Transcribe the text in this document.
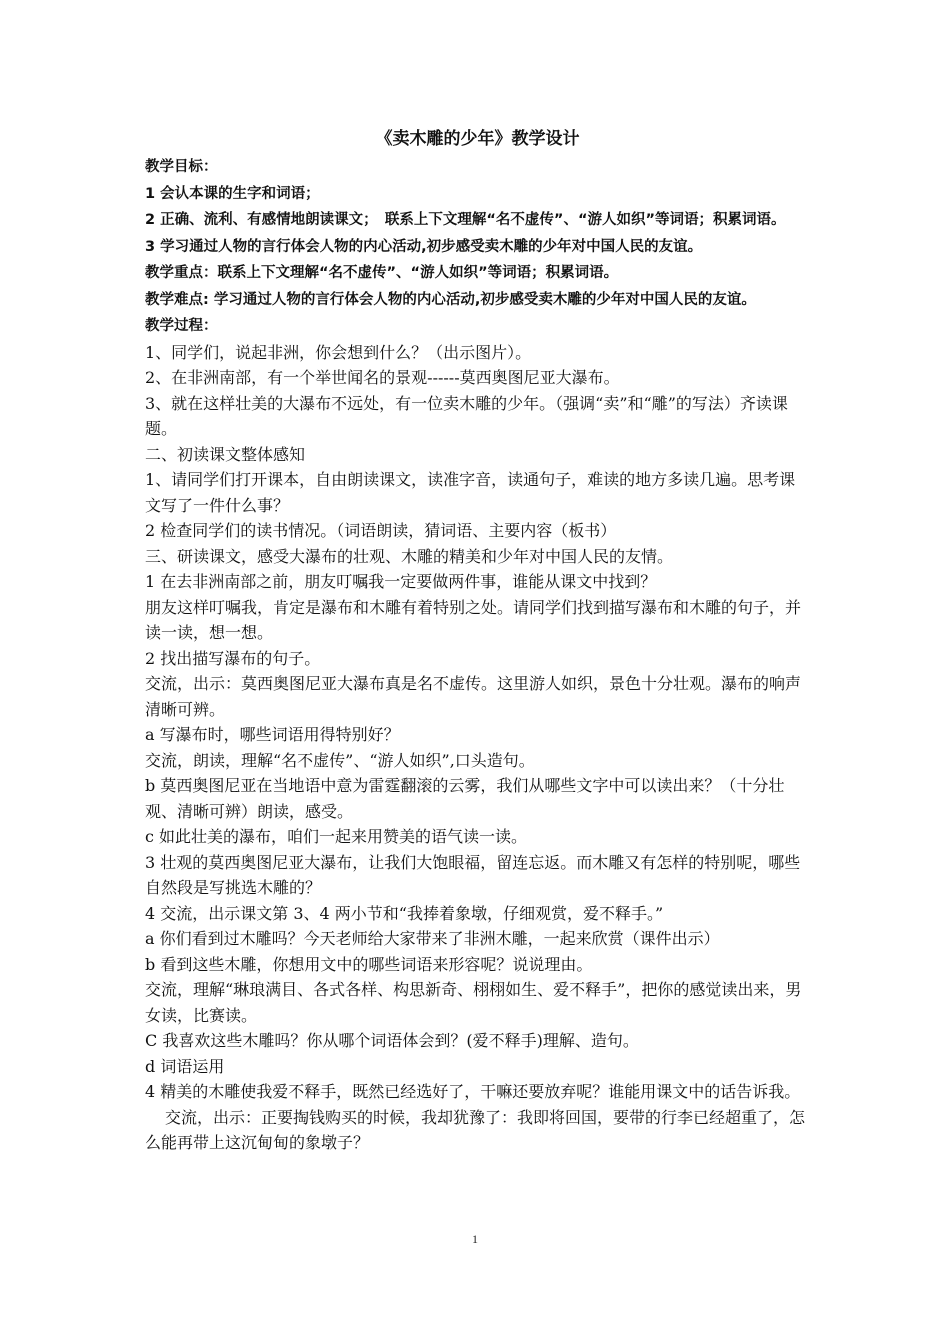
《卖木雕的少年》教学设计

教学目标：

1 会认本课的生字和词语；

2 正确、流利、有感情地朗读课文；　联系上下文理解“名不虚传”、“游人如织”等词语；积累词语。

3 学习通过人物的言行体会人物的内心活动,初步感受卖木雕的少年对中国人民的友谊。

教学重点：联系上下文理解“名不虚传”、“游人如织”等词语；积累词语。

教学难点: 学习通过人物的言行体会人物的内心活动,初步感受卖木雕的少年对中国人民的友谊。

教学过程：

1、同学们，说起非洲，你会想到什么？（出示图片）。

2、在非洲南部，有一个举世闻名的景观------莫西奥图尼亚大瀑布。

3、就在这样壮美的大瀑布不远处，有一位卖木雕的少年。（强调“卖”和“雕”的写法）齐读课题。

二、初读课文整体感知

1、请同学们打开课本，自由朗读课文，读准字音，读通句子，难读的地方多读几遍。思考课文写了一件什么事？

2 检查同学们的读书情况。（词语朗读，猜词语、主要内容（板书）

三、研读课文，感受大瀑布的壮观、木雕的精美和少年对中国人民的友情。

1 在去非洲南部之前，朋友叮嘱我一定要做两件事，谁能从课文中找到？

朋友这样叮嘱我，肯定是瀑布和木雕有着特别之处。请同学们找到描写瀑布和木雕的句子，并读一读，想一想。

2 找出描写瀑布的句子。

交流，出示：莫西奥图尼亚大瀑布真是名不虚传。这里游人如织，景色十分壮观。瀑布的响声清晰可辨。

a 写瀑布时，哪些词语用得特别好？

交流，朗读，理解“名不虚传”、“游人如织”,口头造句。

b 莫西奥图尼亚在当地语中意为雷霆翻滚的云雾，我们从哪些文字中可以读出来？（十分壮观、清晰可辨）朗读，感受。

c 如此壮美的瀑布，咱们一起来用赞美的语气读一读。

3 壮观的莫西奥图尼亚大瀑布，让我们大饱眼福，留连忘返。而木雕又有怎样的特别呢，哪些自然段是写挑选木雕的？

4 交流，出示课文第 3、4 两小节和“我捧着象墩，仔细观赏，爱不释手。”

a 你们看到过木雕吗？今天老师给大家带来了非洲木雕，一起来欣赏（课件出示）

b 看到这些木雕，你想用文中的哪些词语来形容呢？说说理由。

交流，理解“琳琅满目、各式各样、构思新奇、栩栩如生、爱不释手”，把你的感觉读出来，男女读，比赛读。

C 我喜欢这些木雕吗？你从哪个词语体会到？(爱不释手)理解、造句。

d 词语运用

4 精美的木雕使我爱不释手，既然已经选好了，干嘛还要放弃呢？谁能用课文中的话告诉我。

交流，出示：正要掏钱购买的时候，我却犹豫了：我即将回国，要带的行李已经超重了，怎么能再带上这沉甸甸的象墩子？

1
